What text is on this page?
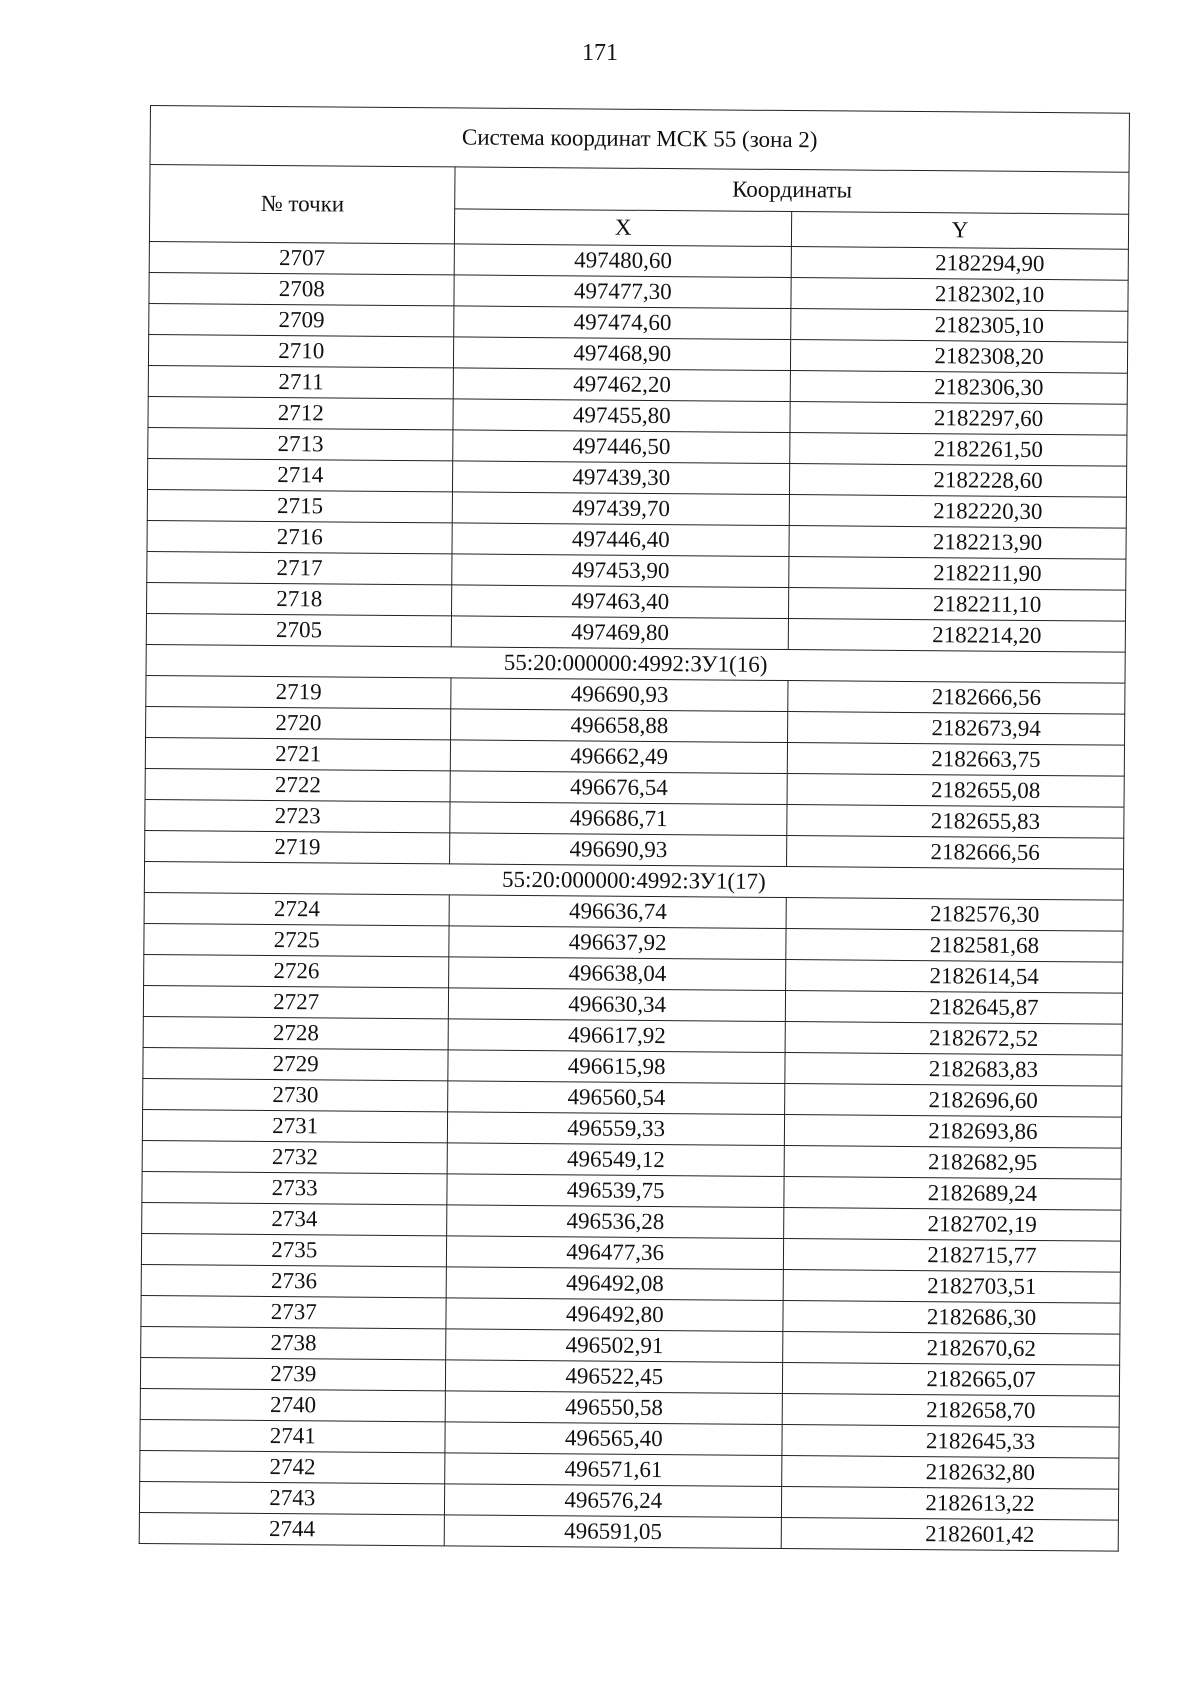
171
Система координат МСК 55 (зона 2)		
№ точки	Координаты	
	X	Y
2707	497480,60	2182294,90
2708	497477,30	2182302,10
2709	497474,60	2182305,10
2710	497468,90	2182308,20
2711	497462,20	2182306,30
2712	497455,80	2182297,60
2713	497446,50	2182261,50
2714	497439,30	2182228,60
2715	497439,70	2182220,30
2716	497446,40	2182213,90
2717	497453,90	2182211,90
2718	497463,40	2182211,10
2705	497469,80	2182214,20
55:20:000000:4992:ЗУ1(16)		
2719	496690,93	2182666,56
2720	496658,88	2182673,94
2721	496662,49	2182663,75
2722	496676,54	2182655,08
2723	496686,71	2182655,83
2719	496690,93	2182666,56
55:20:000000:4992:ЗУ1(17)		
2724	496636,74	2182576,30
2725	496637,92	2182581,68
2726	496638,04	2182614,54
2727	496630,34	2182645,87
2728	496617,92	2182672,52
2729	496615,98	2182683,83
2730	496560,54	2182696,60
2731	496559,33	2182693,86
2732	496549,12	2182682,95
2733	496539,75	2182689,24
2734	496536,28	2182702,19
2735	496477,36	2182715,77
2736	496492,08	2182703,51
2737	496492,80	2182686,30
2738	496502,91	2182670,62
2739	496522,45	2182665,07
2740	496550,58	2182658,70
2741	496565,40	2182645,33
2742	496571,61	2182632,80
2743	496576,24	2182613,22
2744	496591,05	2182601,42
